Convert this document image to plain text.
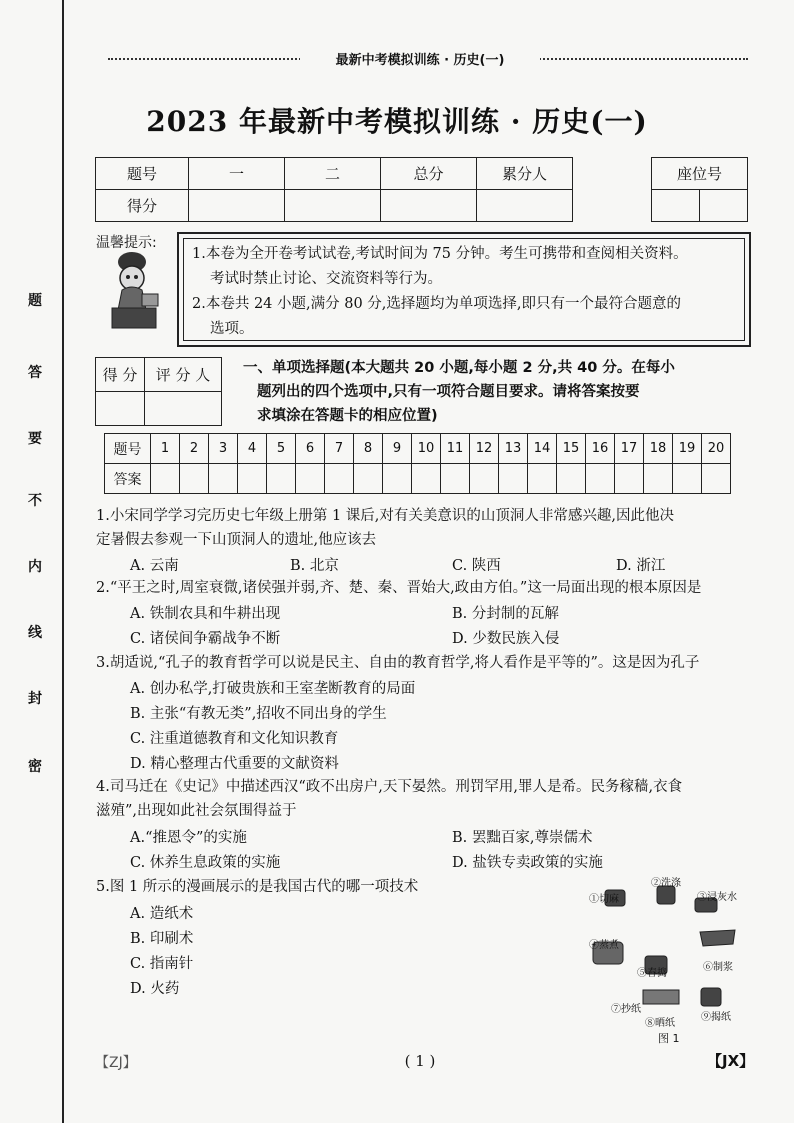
题
答
要
不
内
线
封
密
最新中考模拟训练 · 历史(一)
2023 年最新中考模拟训练 · 历史(一)
题号	一	二	总分	累分人
得分				
座位号

温馨提示:
1.本卷为全开卷考试试卷,考试时间为 75 分钟。考生可携带和查阅相关资料。
考试时禁止讨论、交流资料等行为。
2.本卷共 24 小题,满分 80 分,选择题均为单项选择,即只有一个最符合题意的
选项。
得 分	评 分 人
	一、单项选择题(本大题共 20 小题,每小题 2 分,共 40 分。在每小
题列出的四个选项中,只有一项符合题目要求。请将答案按要
求填涂在答题卡的相应位置)
题号	1	2	3	4	5	6	7	8	9	10	11	12	13	14	15	16	17	18	19	20
答案																				
1.小宋同学学习完历史七年级上册第 1 课后,对有关美意识的山顶洞人非常感兴趣,因此他决
定暑假去参观一下山顶洞人的遗址,他应该去
A. 云南	B. 北京	C. 陕西	D. 浙江
2.“平王之时,周室衰微,诸侯强并弱,齐、楚、秦、晋始大,政由方伯。”这一局面出现的根本原因是
A. 铁制农具和牛耕出现	B. 分封制的瓦解
C. 诸侯间争霸战争不断	D. 少数民族入侵
3.胡适说,“孔子的教育哲学可以说是民主、自由的教育哲学,将人看作是平等的”。这是因为孔子
A. 创办私学,打破贵族和王室垄断教育的局面
B. 主张“有教无类”,招收不同出身的学生
C. 注重道德教育和文化知识教育
D. 精心整理古代重要的文献资料
4.司马迁在《史记》中描述西汉“政不出房户,天下晏然。刑罚罕用,罪人是希。民务稼穑,衣食
滋殖”,出现如此社会氛围得益于
A.“推恩令”的实施	B. 罢黜百家,尊崇儒术
C. 休养生息政策的实施	D. 盐铁专卖政策的实施
5.图 1 所示的漫画展示的是我国古代的哪一项技术
A. 造纸术
B. 印刷术
C. 指南针
D. 火药
①切麻
②洗涤
③浸灰水
④蒸煮
⑤舂捣
⑥制浆
⑦抄纸
⑧晒纸
⑨揭纸
图 1
【ZJ】	( 1 )	【JX】
